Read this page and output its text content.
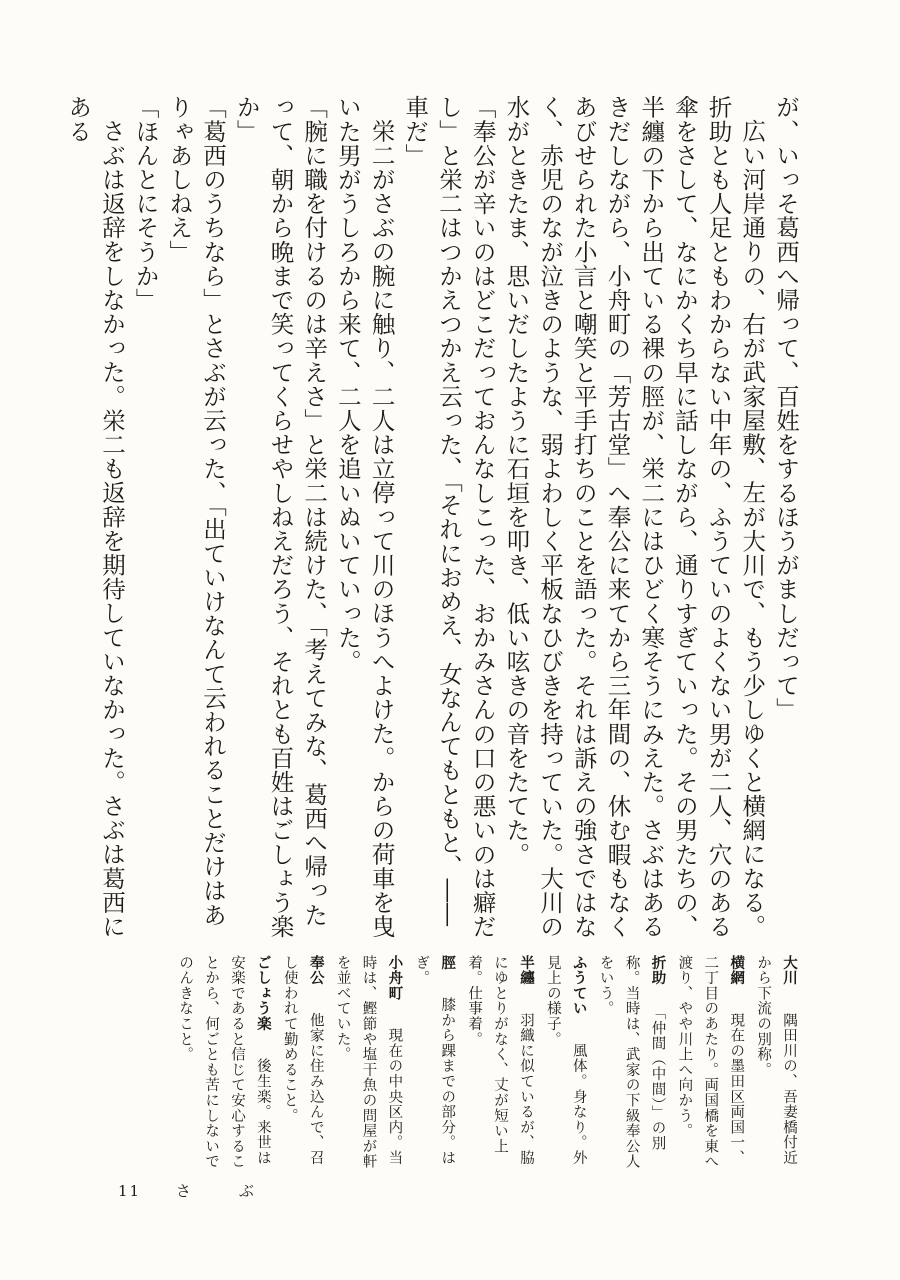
が、いっそ葛西へ帰って、百姓をするほうがましだって」

広い河岸通りの、右が武家屋敷、左が大川で、もう少しゆくと横網になる。折助とも人足ともわからない中年の、ふうていのよくない男が二人、穴のある傘をさして、なにかくち早に話しながら、通りすぎていった。その男たちの、半纏の下から出ている裸の脛が、栄二にはひどく寒そうにみえた。さぶはあるきだしながら、小舟町の「芳古堂」へ奉公に来てから三年間の、休む暇もなくあびせられた小言と嘲笑と平手打ちのことを語った。それは訴えの強さではなく、赤児のなが泣きのような、弱よわしく平板なひびきを持っていた。大川の水がときたま、思いだしたように石垣を叩き、低い呟きの音をたてた。

「奉公が辛いのはどこだっておんなしこった、おかみさんの口の悪いのは癖だし」と栄二はつかえつかえ云った、「それにおめえ、女なんてもともと、――車だ」

栄二がさぶの腕に触り、二人は立停って川のほうへよけた。からの荷車を曳いた男がうしろから来て、二人を追いぬいていった。

「腕に職を付けるのは辛えさ」と栄二は続けた、「考えてみな、葛西へ帰ったって、朝から晩まで笑ってくらせやしねえだろう、それとも百姓はごしょう楽か」

「葛西のうちなら」とさぶが云った、「出ていけなんて云われることだけはありゃあしねえ」

「ほんとにそうか」

さぶは返辞をしなかった。栄二も返辞を期待していなかった。さぶは葛西にある

大川　隅田川の、吾妻橋付近から下流の別称。

横網　現在の墨田区両国一、二丁目のあたり。両国橋を東へ渡り、やや川上へ向かう。

折助　「仲間（中間）」の別称。当時は、武家の下級奉公人をいう。

ふうてい　風体。身なり。外見上の様子。

半纏　羽織に似ているが、脇にゆとりがなく、丈が短い上着。仕事着。

脛　膝から踝までの部分。はぎ。

小舟町　現在の中央区内。当時は、鰹節や塩干魚の問屋が軒を並べていた。

奉公　他家に住み込んで、召し使われて勤めること。

ごしょう楽　後生楽。来世は安楽であると信じて安心することから、何ごとも苦にしないでのんきなこと。

11 さ	ぶ
